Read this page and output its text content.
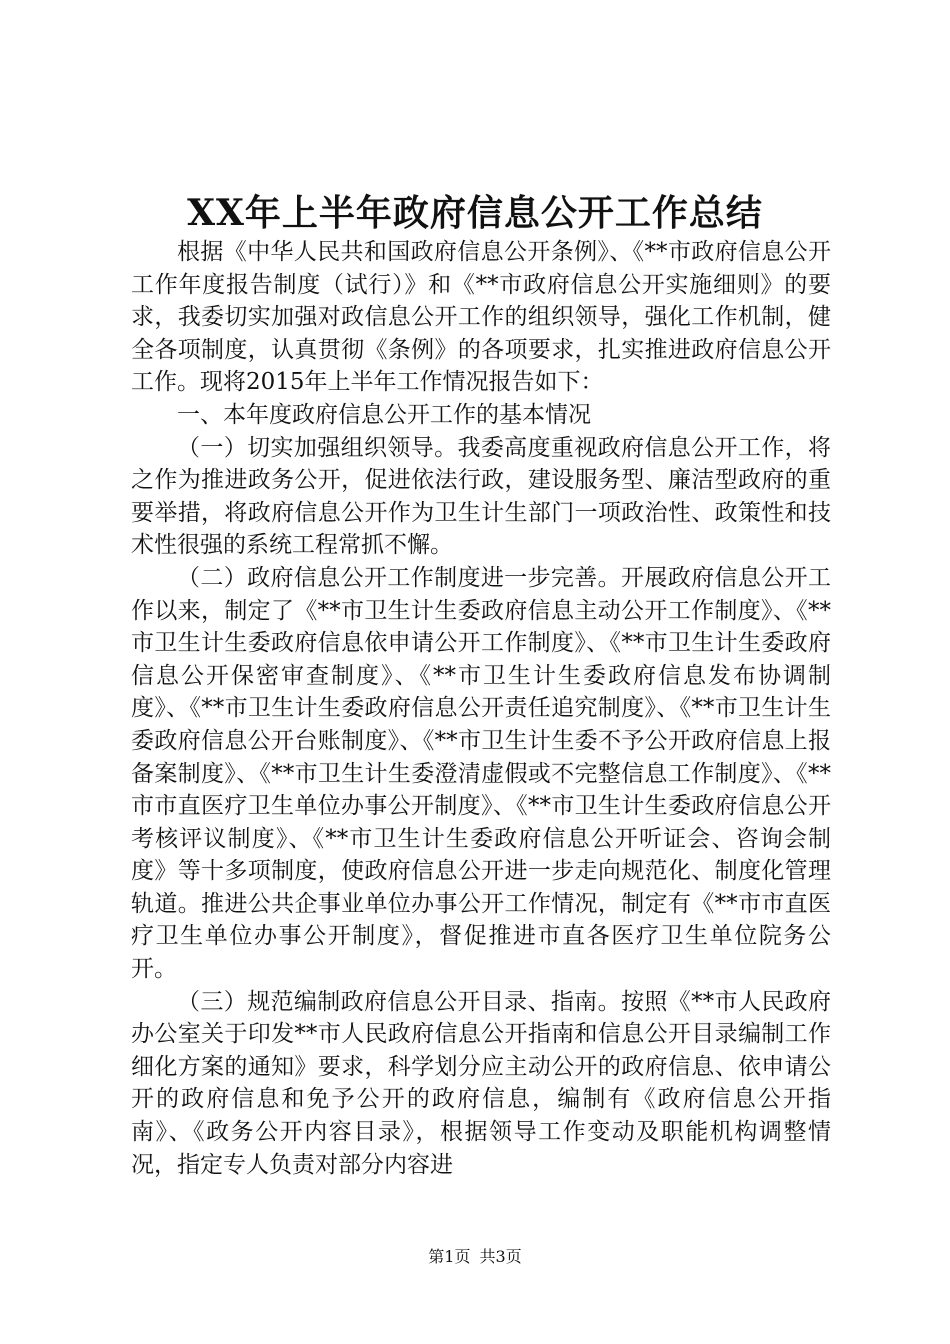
XX年上半年政府信息公开工作总结

根据《中华人民共和国政府信息公开条例》、《**市政府信息公开工作年度报告制度（试行）》和《**市政府信息公开实施细则》的要求，我委切实加强对政信息公开工作的组织领导，强化工作机制，健全各项制度，认真贯彻《条例》的各项要求，扎实推进政府信息公开工作。现将2015年上半年工作情况报告如下：

一、本年度政府信息公开工作的基本情况

（一）切实加强组织领导。我委高度重视政府信息公开工作，将之作为推进政务公开，促进依法行政，建设服务型、廉洁型政府的重要举措，将政府信息公开作为卫生计生部门一项政治性、政策性和技术性很强的系统工程常抓不懈。

（二）政府信息公开工作制度进一步完善。开展政府信息公开工作以来，制定了《**市卫生计生委政府信息主动公开工作制度》、《**市卫生计生委政府信息依申请公开工作制度》、《**市卫生计生委政府信息公开保密审查制度》、《**市卫生计生委政府信息发布协调制度》、《**市卫生计生委政府信息公开责任追究制度》、《**市卫生计生委政府信息公开台账制度》、《**市卫生计生委不予公开政府信息上报备案制度》、《**市卫生计生委澄清虚假或不完整信息工作制度》、《**市市直医疗卫生单位办事公开制度》、《**市卫生计生委政府信息公开考核评议制度》、《**市卫生计生委政府信息公开听证会、咨询会制度》等十多项制度，使政府信息公开进一步走向规范化、制度化管理轨道。推进公共企事业单位办事公开工作情况，制定有《**市市直医疗卫生单位办事公开制度》，督促推进市直各医疗卫生单位院务公开。

（三）规范编制政府信息公开目录、指南。按照《**市人民政府办公室关于印发**市人民政府信息公开指南和信息公开目录编制工作细化方案的通知》要求，科学划分应主动公开的政府信息、依申请公开的政府信息和免予公开的政府信息，编制有《政府信息公开指南》、《政务公开内容目录》，根据领导工作变动及职能机构调整情况，指定专人负责对部分内容进

第1页 共3页
